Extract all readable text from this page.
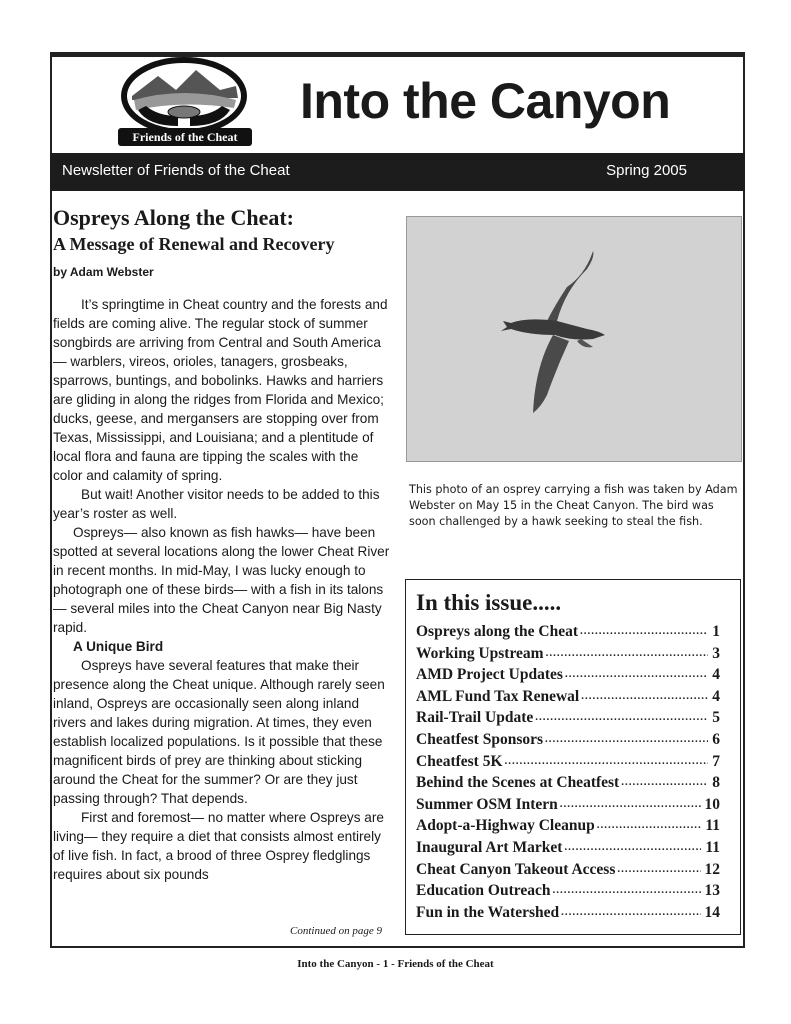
Friends of the Cheat
Into the Canyon
Newsletter of Friends of the Cheat	Spring 2005
Ospreys Along the Cheat:
A Message of Renewal and Recovery
by Adam Webster

It’s springtime in Cheat country and the forests and fields are coming alive. The regular stock of summer songbirds are arriving from Central and South America— warblers, vireos, orioles, tanagers, grosbeaks, sparrows, buntings, and bobolinks. Hawks and harriers are gliding in along the ridges from Florida and Mexico; ducks, geese, and mergansers are stopping over from Texas, Mississippi, and Louisiana; and a plentitude of local flora and fauna are tipping the scales with the color and calamity of spring.

But wait! Another visitor needs to be added to this year’s roster as well.

Ospreys— also known as fish hawks— have been spotted at several locations along the lower Cheat River in recent months. In mid-May, I was lucky enough to photograph one of these birds— with a fish in its talons— several miles into the Cheat Canyon near Big Nasty rapid.

A Unique Bird

Ospreys have several features that make their presence along the Cheat unique. Although rarely seen inland, Ospreys are occasionally seen along inland rivers and lakes during migration. At times, they even establish localized populations. Is it possible that these magnificent birds of prey are thinking about sticking around the Cheat for the summer? Or are they just passing through? That depends.

First and foremost— no matter where Ospreys are living— they require a diet that consists almost entirely of live fish. In fact, a brood of three Osprey fledglings requires about six pounds

Continued on page 9
This photo of an osprey carrying a fish was taken by Adam Webster on May 15 in the Cheat Canyon. The bird was soon challenged by a hawk seeking to steal the fish.
In this issue.....
Ospreys along the Cheat .....	1
Working Upstream .....	3
AMD Project Updates .....	4
AML Fund Tax Renewal .....	4
Rail-Trail Update .....	5
Cheatfest Sponsors .....	6
Cheatfest 5K .....	7
Behind the Scenes at Cheatfest .....	8
Summer OSM Intern .....	10
Adopt-a-Highway Cleanup .....	11
Inaugural Art Market .....	11
Cheat Canyon Takeout Access .....	12
Education Outreach .....	13
Fun in the Watershed .....	14
Into the Canyon - 1 - Friends of the Cheat
